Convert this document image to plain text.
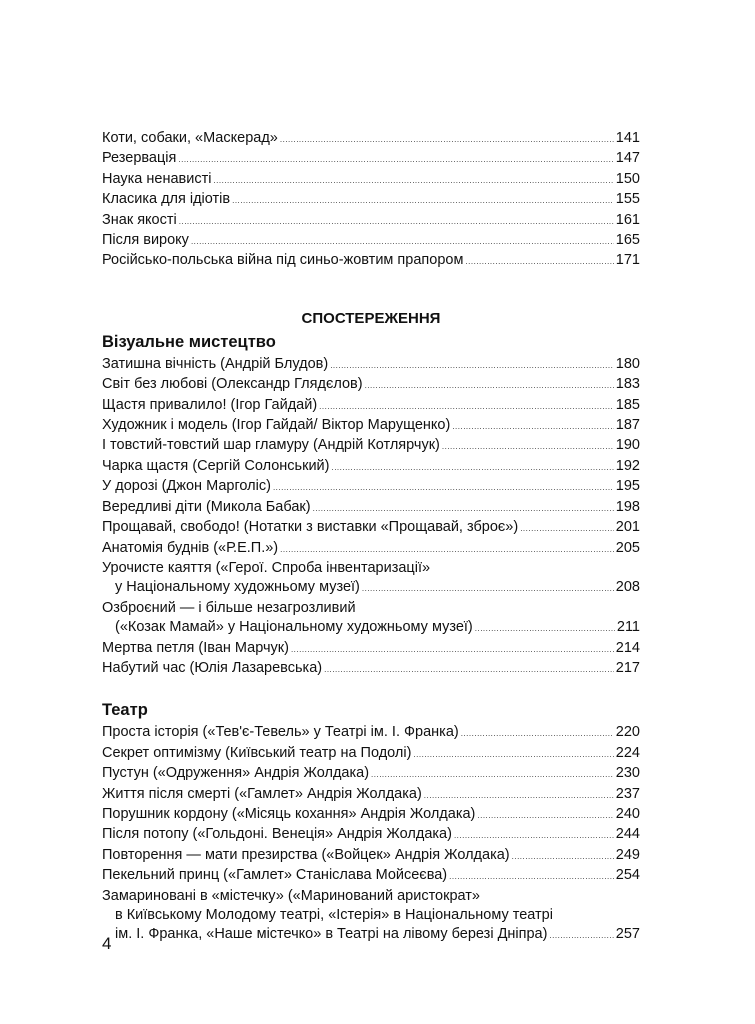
Коти, собаки, «Маскерад» .....	141
Резервація .....	147
Наука ненависті .....	150
Класика для ідіотів .....	155
Знак якості .....	161
Після вироку .....	165
Російсько-польська війна під синьо-жовтим прапором .....	171
СПОСТЕРЕЖЕННЯ
Візуальне мистецтво
Затишна вічність (Андрій Блудов) .....	180
Світ без любові (Олександр Глядєлов) .....	183
Щастя привалило! (Ігор Гайдай) .....	185
Художник і модель (Ігор Гайдай/ Віктор Марущенко) .....	187
І товстий-товстий шар гламуру (Андрій Котлярчук) .....	190
Чарка щастя (Сергій Солонський) .....	192
У дорозі (Джон Марголіс) .....	195
Вередливі діти (Микола Бабак) .....	198
Прощавай, свободо! (Нотатки з виставки «Прощавай, зброє») .....	201
Анатомія буднів («Р.Е.П.») .....	205
Урочисте каяття («Герої. Спроба інвентаризації»
у Національному художньому музеї) .....	208
Озброєний — і більше незагрозливий
(«Козак Мамай» у Національному художньому музеї) .....	211
Мертва петля (Іван Марчук) .....	214
Набутий час (Юлія Лазаревська) .....	217
Театр
Проста історія («Тев'є-Тевель» у Театрі ім. І. Франка) .....	220
Секрет оптимізму (Київський театр на Подолі) .....	224
Пустун («Одруження» Андрія Жолдака) .....	230
Життя після смерті («Гамлет» Андрія Жолдака) .....	237
Порушник кордону («Місяць кохання» Андрія Жолдака) .....	240
Після потопу («Гольдоні. Венеція» Андрія Жолдака) .....	244
Повторення — мати презирства («Войцек» Андрія Жолдака) .....	249
Пекельний принц («Гамлет» Станіслава Мойсеєва) .....	254
Замариновані в «містечку» («Маринований аристократ»
в Київському Молодому театрі, «Істерія» в Національному театрі
ім. І. Франка, «Наше містечко» в Театрі на лівому березі Дніпра) .....	257
4
